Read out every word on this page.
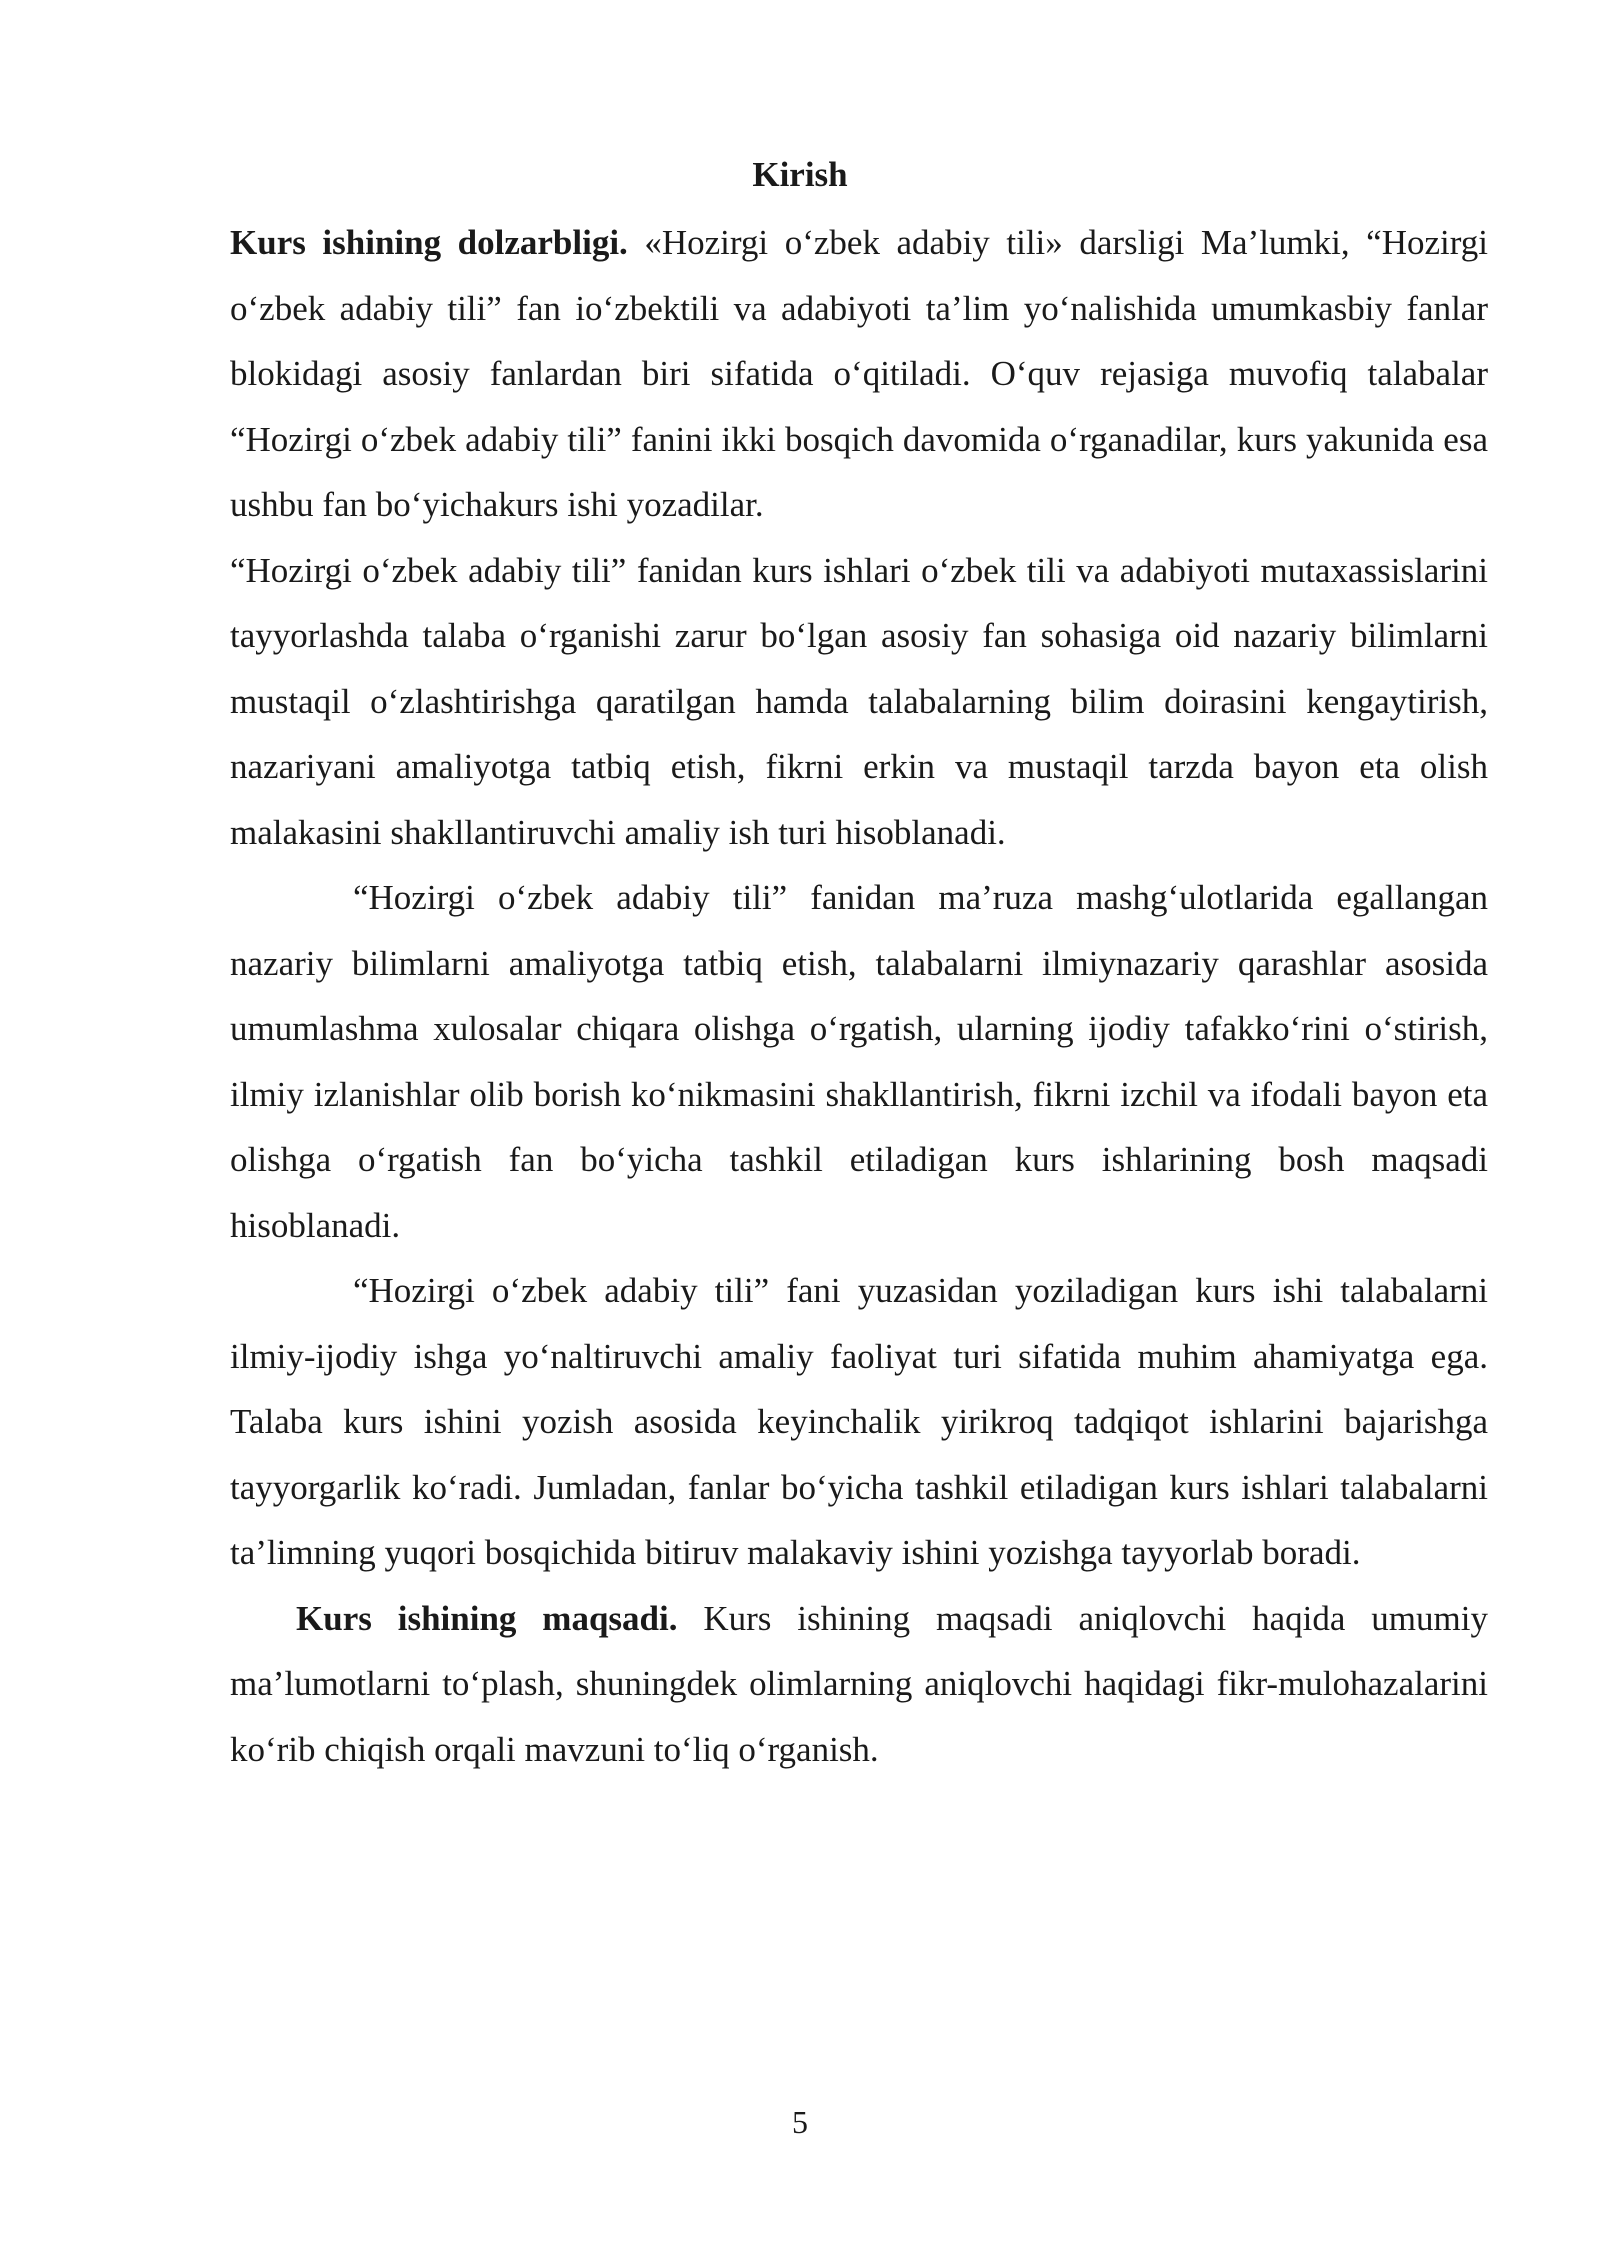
Kirish

Kurs ishining dolzarbligi. «Hozirgi o‘zbek adabiy tili» darsligi Ma’lumki, “Hozirgi o‘zbek adabiy tili” fan io‘zbektili va adabiyoti ta’lim yo‘nalishida umumkasbiy fanlar blokidagi asosiy fanlardan biri sifatida o‘qitiladi. O‘quv rejasiga muvofiq talabalar “Hozirgi o‘zbek adabiy tili” fanini ikki bosqich davomida o‘rganadilar, kurs yakunida esa ushbu fan bo‘yichakurs ishi yozadilar.

“Hozirgi o‘zbek adabiy tili” fanidan kurs ishlari o‘zbek tili va adabiyoti mutaxassislarini tayyorlashda talaba o‘rganishi zarur bo‘lgan asosiy fan sohasiga oid nazariy bilimlarni mustaqil o‘zlashtirishga qaratilgan hamda talabalarning bilim doirasini kengaytirish, nazariyani amaliyotga tatbiq etish, fikrni erkin va mustaqil tarzda bayon eta olish malakasini shakllantiruvchi amaliy ish turi hisoblanadi.

“Hozirgi o‘zbek adabiy tili” fanidan ma’ruza mashg‘ulotlarida egallangan nazariy bilimlarni amaliyotga tatbiq etish, talabalarni ilmiynazariy qarashlar asosida umumlashma xulosalar chiqara olishga o‘rgatish, ularning ijodiy tafakko‘rini o‘stirish, ilmiy izlanishlar olib borish ko‘nikmasini shakllantirish, fikrni izchil va ifodali bayon eta olishga o‘rgatish fan bo‘yicha tashkil etiladigan kurs ishlarining bosh maqsadi hisoblanadi.

“Hozirgi o‘zbek adabiy tili” fani yuzasidan yoziladigan kurs ishi talabalarni ilmiy-ijodiy ishga yo‘naltiruvchi amaliy faoliyat turi sifatida muhim ahamiyatga ega. Talaba kurs ishini yozish asosida keyinchalik yirikroq tadqiqot ishlarini bajarishga tayyorgarlik ko‘radi. Jumladan, fanlar bo‘yicha tashkil etiladigan kurs ishlari talabalarni ta’limning yuqori bosqichida bitiruv malakaviy ishini yozishga tayyorlab boradi.

Kurs ishining maqsadi. Kurs ishining maqsadi aniqlovchi haqida umumiy ma’lumotlarni to‘plash, shuningdek olimlarning aniqlovchi haqidagi fikr-mulohazalarini ko‘rib chiqish orqali mavzuni to‘liq o‘rganish.

5
